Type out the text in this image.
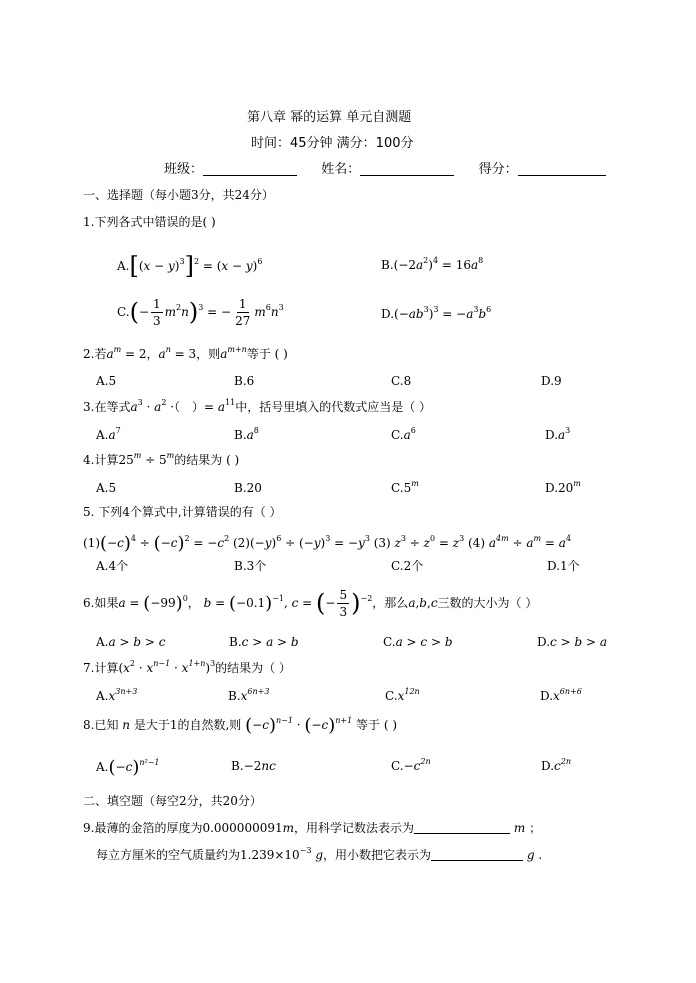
第八章 幂的运算 单元自测题
时间：45分钟 满分：100分
班级：	姓名：	得分：
一、选择题（每小题3分，共24分）
1.下列各式中错误的是( )
$A.[(x - y)^3]^2 = (x - y)^6$	$B.(-2a^2)^4 = 16a^8$
$C.(- \frac{1}{3} m^2n)^3$ = − $\frac{1}{27} m^6n^3$	$D.(-ab^3)^3 = -a^3b^6$
2.若$a^m = 2$，$a^n = 3$，则$a^{m+n}$等于 ( )
A.5	B.6	C.8	D.9
3.在等式$a^3 \cdot a^2$ ·（　）= $a^{11}$中，括号里填入的代数式应当是（ ）
$A.a^7$	$B.a^8$	$C.a^6$	$D.a^3$
4.计算$25^m \div 5^m$的结果为 ( )
A.5	B.20	C.5$^m$	D.20$^m$
5. 下列4个算式中,计算错误的有（ ）
$(1)(-c)^4 \div (-c)^2 = -c^2$ $(2)(-y)^6 \div (-y)^3 = -y^3$ (3) $z^3 \div z^0 = z^3$ (4) $a^{4m} \div a^m = a^4$
A.4个	B.3个	C.2个	D.1个
6.如果$a = (-99)^0$， $b = (-0.1)^{-1}$, c = (− $\frac{5}{3} )^{-2}$，那么a,b,c三数的大小为（ ）
A.a > b > c	B.c > a > b	C.a > c > b	D.c > b > a
7.计算$(x^2 \cdot x^{n-1} \cdot x^{1+n})^3$的结果为（ ）
$A.x^{3n+3}$	$B.x^{6n+3}$	$C.x^{12n}$	$D.x^{6n+6}$
8.已知 n 是大于1的自然数,则 $(-c)^{n-1} \cdot (-c)^{n+1}$ 等于 ( )
$A.(-c)^{n^2-1}$	B.−2nc	$C.-c^{2n}$	$D.c^{2n}$
二、填空题（每空2分，共20分）
9.最薄的金箔的厚度为0.000000091m，用科学记数法表示为	m ；
每立方厘米的空气质量约为$1.239\times 10^{-3}$ g，用小数把它表示为	g .
